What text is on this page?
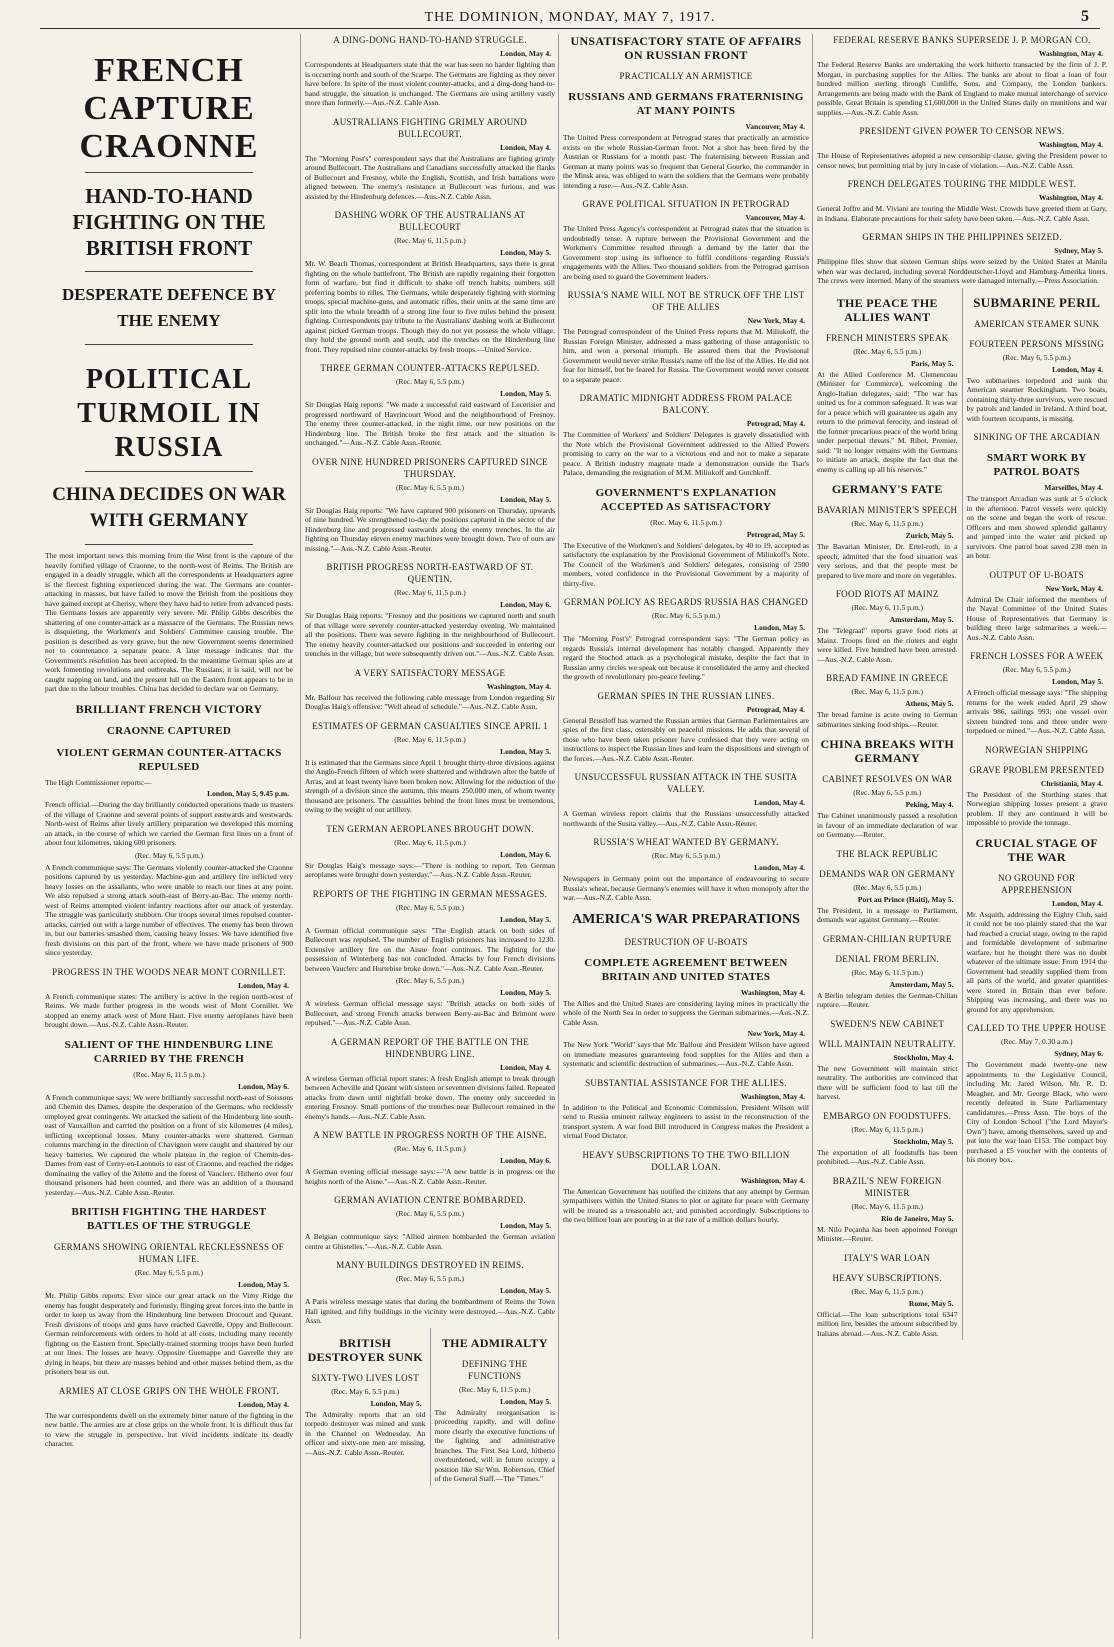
THE DOMINION, MONDAY, MAY 7, 1917.	5
FRENCH CAPTURE CRAONNE
HAND-TO-HAND FIGHTING ON THE BRITISH FRONT
DESPERATE DEFENCE BY THE ENEMY
POLITICAL TURMOIL IN RUSSIA
CHINA DECIDES ON WAR WITH GERMANY
The most important news this morning from the West front is the capture of the heavily fortified village of Craonne, to the north-west of Reims. The British are engaged in a deadly struggle, which all the correspondents at Headquarters agree is the fiercest fighting experienced during the war. The Germans are counter-attacking in masses, but have failed to move the British from the positions they have gained except at Cherisy, where they have had to retire from advanced posts. The Germans losses are apparently very severe. Mr. Philip Gibbs describes the shattering of one counter-attack as a massacre of the Germans. The Russian news is disquieting, the Workmen's and Soldiers' Committee causing trouble. The position is described as very grave, but the new Government seems determined not to countenance a separate peace. A later message indicates that the Government's resolution has been accepted. In the meantime German spies are at work fomenting revolutions and outbreaks. The Russians, it is said, will not be caught napping on land, and the present lull on the Eastern front appears to be in part due to the labour troubles. China has decided to declare war on Germany.
BRILLIANT FRENCH VICTORY
CRAONNE CAPTURED
VIOLENT GERMAN COUNTER-ATTACKS REPULSED
The High Commissioner reports:—
London, May 5, 9.45 p.m.
French official.—During the day brilliantly conducted operations made us masters of the village of Craonne and several points of support eastwards and westwards. North-west of Reims after lively artillery preparation we developed this morning an attack, in the course of which we carried the German first lines on a front of about four kilometres, taking 600 prisoners.
(Rec. May 6, 5.5 p.m.)
A French communique says: The Germans violently counter-attacked the Craonne positions captured by us yesterday. Machine-gun and artillery fire inflicted very heavy losses on the assailants, who were unable to reach our lines at any point. We also repulsed a strong attack south-east of Berry-au-Bac. The enemy north-west of Reims attempted violent infantry reactions after our attack of yesterday. The struggle was particularly stubborn. Our troops several times repulsed counter-attacks, carried out with a large number of effectives. The enemy has been thrown in, but our batteries smashed them, causing heavy losses. We have identified five fresh divisions on this part of the front, where we have made prisoners of 900 since yesterday.
PROGRESS IN THE WOODS NEAR MONT CORNILLET.
London, May 4.
A French communique states: The artillery is active in the region north-west of Reims. We made further progress in the woods west of Mont Cornillet. We stopped an enemy attack west of Mont Haut. Five enemy aeroplanes have been brought down.—Aus.-N.Z. Cable Assn.-Reuter.
SALIENT OF THE HINDENBURG LINE CARRIED BY THE FRENCH
(Rec. May 6, 11.5 p.m.)
London, May 6.
A French communique says: We were brilliantly successful north-east of Soissons and Chemin des Dames, despite the desperation of the Germans, who recklessly employed great contingents. We attacked the salient of the Hindenburg line south-east of Vauxaillon and carried the position on a front of six kilometres (4 miles), inflicting exceptional losses. Many counter-attacks were shattered. German columns marching in the direction of Chavignon were caught and shattered by our heavy batteries. We captured the whole plateau in the region of Chemin-des-Dames from east of Cerny-en-Laonnois to east of Craonne, and reached the ridges dominating the valley of the Ailette and the forest of Vauclerc. Hitherto over four thousand prisoners had been counted, and there was an addition of a thousand yesterday.—Aus.-N.Z. Cable Assn.-Reuter.
BRITISH FIGHTING THE HARDEST BATTLES OF THE STRUGGLE
GERMANS SHOWING ORIENTAL RECKLESSNESS OF HUMAN LIFE.
(Rec. May 6, 5.5 p.m.)
London, May 5.
Mr. Philip Gibbs reports: Ever since our great attack on the Vimy Ridge the enemy has fought desperately and furiously, flinging great forces into the battle in order to keep us away from the Hindenburg line between Drocourt and Queant. Fresh divisions of troops and guns have reached Gavrelle, Oppy and Bullecourt. German reinforcements with orders to hold at all costs, including many recently fighting on the Eastern front. Specially-trained storming troops have been hurled at our lines. The losses are heavy. Opposite Guemappe and Gavrelle they are dying in heaps, but there are masses behind and other masses behind them, as the prisoners bear us out.
ARMIES AT CLOSE GRIPS ON THE WHOLE FRONT.
London, May 4.
The war correspondents dwell on the extremely bitter nature of the fighting in the new battle. The armies are at close grips on the whole front. It is difficult thus far to view the struggle in perspective, but vivid incidents indicate its deadly character.
A DING-DONG HAND-TO-HAND STRUGGLE.
London, May 4.
Correspondents at Headquarters state that the war has seen no harder fighting than is occurring north and south of the Scarpe. The Germans are fighting as they never have before. In spite of the most violent counter-attacks, and a ding-dong hand-to-hand struggle, the situation is unchanged. The Germans are using artillery vastly more than formerly.—Aus.-N.Z. Cable Assn.
AUSTRALIANS FIGHTING GRIMLY AROUND BULLECOURT.
London, May 4.
The "Morning Post's" correspondent says that the Australians are fighting grimly around Bullecourt. The Australians and Canadians successfully attacked the flanks of Bullecourt and Fresnoy, while the English, Scottish, and Irish battalions were aligned between. The enemy's resistance at Bullecourt was furious, and was assisted by the Hindenburg defences.—Aus.-N.Z. Cable Assn.
DASHING WORK OF THE AUSTRALIANS AT BULLECOURT
(Rec. May 6, 11.5 p.m.)
London, May 5.
Mr. W. Beach Thomas, correspondent at British Headquarters, says there is great fighting on the whole battlefront. The British are rapidly regaining their forgotten form of warfare, but find it difficult to shake off trench habits, numbers still preferring bombs to rifles. The Germans, while desperately fighting with storming troops, special machine-guns, and automatic rifles, their units at the same time are split into the whole breadth of a strong line four to five miles behind the present fighting. Correspondents pay tribute to the Australians' dashing work at Bullecourt against picked German troops. Though they do not yet possess the whole village, they hold the ground north and south, and the trenches on the Hindenburg line front. They repulsed nine counter-attacks by fresh troops.—United Service.
THREE GERMAN COUNTER-ATTACKS REPULSED.
(Rec. May 6, 5.5 p.m.)
London, May 5.
Sir Douglas Haig reports: "We made a successful raid eastward of Lecerisier and progressed northward of Havrincourt Wood and the neighbourhood of Fresnoy. The enemy three counter-attacked, in the night time, our new positions on the Hindenburg line. The British broke the first attack and the situation is unchanged."—Aus.-N.Z. Cable Assn.-Reuter.
OVER NINE HUNDRED PRISONERS CAPTURED SINCE THURSDAY.
(Rec. May 6, 5.5 p.m.)
London, May 5.
Sir Douglas Haig reports: "We have captured 900 prisoners on Thursday, upwards of nine hundred. We strengthened to-day the positions captured in the sector of the Hindenburg line and progressed eastwards along the enemy trenches. In the air fighting on Thursday eleven enemy machines were brought down. Two of ours are missing."—Aus.-N.Z. Cable Assn.-Reuter.
BRITISH PROGRESS NORTH-EASTWARD OF ST. QUENTIN.
(Rec. May 6, 11.5 p.m.)
London, May 6.
Sir Douglas Haig reports: "Fresnoy and the positions we captured north and south of that village were severely counter-attacked yesterday evening. We maintained all the positions. There was severe fighting in the neighbourhood of Bullecourt. The enemy heavily counter-attacked our positions and succeeded in entering our trenches in the village, but were subsequently driven out."—Aus.-N.Z. Cable Assn.
A VERY SATISFACTORY MESSAGE
Washington, May 4.
Mr. Balfour has received the following cable message from London regarding Sir Douglas Haig's offensive: "Well ahead of schedule."—Aus.-N.Z. Cable Assn.
ESTIMATES OF GERMAN CASUALTIES SINCE APRIL 1
(Rec. May 6, 11.5 p.m.)
London, May 5.
It is estimated that the Germans since April 1 brought thirty-three divisions against the Anglo-French fifteen of which were shattered and withdrawn after the battle of Arras, and at least twenty have been broken now. Allowing for the reduction of the strength of a division since the autumn, this means 250,000 men, of whom twenty thousand are prisoners. The casualties behind the front lines must be tremendous, owing to the weight of our artillery.
TEN GERMAN AEROPLANES BROUGHT DOWN.
(Rec. May 6, 11.5 p.m.)
London, May 6.
Sir Douglas Haig's message says:—"There is nothing to report. Ten German aeroplanes were brought down yesterday."—Aus.-N.Z. Cable Assn.-Reuter.
REPORTS OF THE FIGHTING IN GERMAN MESSAGES.
(Rec. May 6, 5.5 p.m.)
London, May 5.
A German official communique says: "The English attack on both sides of Bullecourt was repulsed. The number of English prisoners has increased to 1230. Extensive artillery fire on the Aisne front continues. The fighting for the possession of Winterberg has not concluded. Attacks by four French divisions between Vauclerc and Hurtebise broke down."—Aus.-N.Z. Cable Assn.-Reuter.
(Rec. May 6, 5.5 p.m.)
London, May 5.
A wireless German official message says: "British attacks on both sides of Bullecourt, and strong French attacks between Berry-au-Bac and Brimont were repulsed."—Aus.-N.Z. Cable Assn.
A GERMAN REPORT OF THE BATTLE ON THE HINDENBURG LINE.
London, May 4.
A wireless German official report states: A fresh English attempt to break through between Acheville and Queant with sixteen or seventeen divisions failed. Repeated attacks from dawn until nightfall broke down. The enemy only succeeded in entering Fresnoy. Small portions of the trenches near Bullecourt remained in the enemy's hands.—Aus.-N.Z. Cable Assn.
A NEW BATTLE IN PROGRESS NORTH OF THE AISNE.
(Rec. May 6, 11.5 p.m.)
London, May 6.
A German evening official message says:—"A new battle is in progress on the heights north of the Aisne."—Aus.-N.Z. Cable Assn.-Reuter.
GERMAN AVIATION CENTRE BOMBARDED.
(Rec. May 6, 5.5 p.m.)
London, May 5.
A Belgian communique says: "Allied airmen bombarded the German aviation centre at Ghistelles."—Aus.-N.Z. Cable Assn.
MANY BUILDINGS DESTROYED IN REIMS.
(Rec. May 6, 5.5 p.m.)
London, May 5.
A Paris wireless message states that during the bombardment of Reims the Town Hall ignited, and fifty buildings in the vicinity were destroyed.—Aus.-N.Z. Cable Assn.
BRITISH DESTROYER SUNK
SIXTY-TWO LIVES LOST
(Rec. May 6, 5.5 p.m.)
London, May 5.
The Admiralty reports that an old torpedo destroyer was mined and sunk in the Channel on Wednesday. An officer and sixty-one men are missing.—Aus.-N.Z. Cable Assn.-Reuter.
THE ADMIRALTY
DEFINING THE FUNCTIONS
(Rec. May 6, 11.5 p.m.)
London, May 5.
The Admiralty reorganisation is proceeding rapidly, and will define more clearly the executive functions of the fighting and administrative branches. The First Sea Lord, hitherto overburdened, will in future occupy a position like Sir Wm. Robertson, Chief of the General Staff.—The "Times."
UNSATISFACTORY STATE OF AFFAIRS ON RUSSIAN FRONT
PRACTICALLY AN ARMISTICE
RUSSIANS AND GERMANS FRATERNISING AT MANY POINTS
Vancouver, May 4.
The United Press correspondent at Petrograd states that practically an armistice exists on the whole Russian-German front. Not a shot has been fired by the Austrian or Russians for a month past. The fraternising between Russian and German at many points was so frequent that General Gourko, the commander in the Minsk area, was obliged to warn the soldiers that the Germans were probably intending a ruse.—Aus.-N.Z. Cable Assn.
GRAVE POLITICAL SITUATION IN PETROGRAD
Vancouver, May 4.
The United Press Agency's correspondent at Petrograd states that the situation is undoubtedly tense. A rupture between the Provisional Government and the Workmen's Committee resulted through a demand by the latter that the Government stop using its influence to fulfil conditions regarding Russia's engagements with the Allies. Two thousand soldiers from the Petrograd garrison are being used to guard the Government leaders.
RUSSIA'S NAME WILL NOT BE STRUCK OFF THE LIST OF THE ALLIES
New York, May 4.
The Petrograd correspondent of the United Press reports that M. Miliukoff, the Russian Foreign Minister, addressed a mass gathering of those antagonistic to him, and won a personal triumph. He assured them that the Provisional Government would never strike Russia's name off the list of the Allies. He did not fear for himself, but he feared for Russia. The Government would never consent to a separate peace.
DRAMATIC MIDNIGHT ADDRESS FROM PALACE BALCONY.
Petrograd, May 4.
The Committee of Workers' and Soldiers' Delegates is gravely dissatisfied with the Note which the Provisional Government addressed to the Allied Powers promising to carry on the war to a victorious end and not to make a separate peace. A British industry magnate made a demonstration outside the Tsar's Palace, demanding the resignation of M.M. Miliukoff and Gutchkoff.
GOVERNMENT'S EXPLANATION ACCEPTED AS SATISFACTORY
(Rec. May 6, 11.5 p.m.)
Petrograd, May 5.
The Executive of the Workmen's and Soldiers' delegates, by 40 to 19, accepted as satisfactory the explanation by the Provisional Government of Miliukoff's Note. The Council of the Workmen's and Soldiers' delegates, consisting of 2500 members, voted confidence in the Provisional Government by a majority of thirty-five.
GERMAN POLICY AS REGARDS RUSSIA HAS CHANGED
(Rec. May 6, 5.5 p.m.)
London, May 5.
The "Morning Post's" Petrograd correspondent says: "The German policy as regards Russia's internal development has notably changed. Apparently they regard the Stochod attack as a psychological mistake, despite the fact that in Russian army circles we speak out because it consolidated the army and checked the growth of revolutionary pro-peace feeling."
GERMAN SPIES IN THE RUSSIAN LINES.
Petrograd, May 4.
General Brusiloff has warned the Russian armies that German Parlementaires are spies of the first class, ostensibly on peaceful missions. He adds that several of those who have been taken prisoner have confessed that they were acting on instructions to inspect the Russian lines and learn the dispositions and strength of the forces.—Aus.-N.Z. Cable Assn.-Reuter.
UNSUCCESSFUL RUSSIAN ATTACK IN THE SUSITA VALLEY.
London, May 4.
A German wireless report claims that the Russians unsuccessfully attacked northwards of the Susita valley.—Aus.-N.Z. Cable Assn.-Reuter.
RUSSIA'S WHEAT WANTED BY GERMANY.
(Rec. May 6, 5.5 p.m.)
London, May 4.
Newspapers in Germany point out the importance of endeavouring to secure Russia's wheat, because Germany's enemies will have it when monopoly after the war.—Aus.-N.Z. Cable Assn.
AMERICA'S WAR PREPARATIONS
DESTRUCTION OF U-BOATS
COMPLETE AGREEMENT BETWEEN BRITAIN AND UNITED STATES
Washington, May 4.
The Allies and the United States are considering laying mines in practically the whole of the North Sea in order to suppress the German submarines.—Aus.-N.Z. Cable Assn.
New York, May 4.
The New York "World" says that Mr. Balfour and President Wilson have agreed on immediate measures guaranteeing food supplies for the Allies and then a systematic and scientific destruction of submarines.—Aus.-N.Z. Cable Assn.
SUBSTANTIAL ASSISTANCE FOR THE ALLIES.
Washington, May 4.
In addition to the Political and Economic Commission, President Wilson will send to Russia eminent railway engineers to assist in the reconstruction of the transport system. A war food Bill introduced in Congress makes the President a virtual Food Dictator.
HEAVY SUBSCRIPTIONS TO THE TWO BILLION DOLLAR LOAN.
Washington, May 4.
The American Government has notified the citizens that any attempt by German sympathisers within the United States to plot or agitate for peace with Germany will be treated as a treasonable act, and punished accordingly. Subscriptions to the two billion loan are pouring in at the rate of a million dollars hourly.
FEDERAL RESERVE BANKS SUPERSEDE J. P. MORGAN CO.
Washington, May 4.
The Federal Reserve Banks are undertaking the work hitherto transacted by the firm of J. P. Morgan, in purchasing supplies for the Allies. The banks are about to float a loan of four hundred million sterling through Cunliffe, Sons, and Company, the London bankers. Arrangements are being made with the Bank of England to make mutual interchange of service possible. Great Britain is spending £1,600,000 in the United States daily on munitions and war supplies.—Aus.-N.Z. Cable Assn.
PRESIDENT GIVEN POWER TO CENSOR NEWS.
Washington, May 4.
The House of Representatives adopted a new censorship clause, giving the President power to censor news, but permitting trial by jury in case of violation.—Aus.-N.Z. Cable Assn.
FRENCH DELEGATES TOURING THE MIDDLE WEST.
Washington, May 4.
General Joffre and M. Viviani are touring the Middle West. Crowds have greeted them at Gary, in Indiana. Elaborate precautions for their safety have been taken.—Aus.-N.Z. Cable Assn.
GERMAN SHIPS IN THE PHILIPPINES SEIZED.
Sydney, May 5.
Philippine files show that sixteen German ships were seized by the United States at Manila when war was declared, including several Norddeutscher-Lloyd and Hamburg-Amerika liners. The crews were interned. Many of the steamers were damaged internally.—Press Association.
THE PEACE THE ALLIES WANT
FRENCH MINISTERS SPEAK
(Rec. May 6, 5.5 p.m.)
Paris, May 5.
At the Allied Conference M. Clemenceau (Minister for Commerce), welcoming the Anglo-Italian delegates, said: "The war has united us for a common safeguard. It was war for a peace which will guarantee us again any return to the primeval ferocity, and instead of the former precarious peace of the world bring under perpetual threats." M. Ribot, Premier, said: "It no longer remains with the Germans to initiate an attack, despite the fact that the enemy is calling up all his reserves."
GERMANY'S FATE
BAVARIAN MINISTER'S SPEECH
(Rec. May 6, 11.5 p.m.)
Zurich, May 5.
The Bavarian Minister, Dr. Ertel-roth, in a speech, admitted that the food situation was very serious, and that the people must be prepared to live more and more on vegetables.
FOOD RIOTS AT MAINZ
(Rec. May 6, 11.5 p.m.)
Amsterdam, May 5.
The "Telegraaf" reports grave food riots at Mainz. Troops fired on the rioters and eight were killed. Five hundred have been arrested.—Aus.-N.Z. Cable Assn.
BREAD FAMINE IN GREECE
(Rec. May 6, 11.5 p.m.)
Athens, May 5.
The bread famine is acute owing to German submarines sinking food ships.—Reuter.
CHINA BREAKS WITH GERMANY
CABINET RESOLVES ON WAR
(Rec. May 6, 5.5 p.m.)
Peking, May 4.
The Cabinet unanimously passed a resolution in favour of an immediate declaration of war on Germany.—Reuter.
THE BLACK REPUBLIC
DEMANDS WAR ON GERMANY
(Rec. May 6, 5.5 p.m.)
Port au Prince (Haiti), May 5.
The President, in a message to Parliament, demands war against Germany.—Reuter.
GERMAN-CHILIAN RUPTURE
DENIAL FROM BERLIN.
(Rec. May 6, 11.5 p.m.)
Amsterdam, May 5.
A Berlin telegram denies the German-Chilian rupture.—Reuter.
SWEDEN'S NEW CABINET
WILL MAINTAIN NEUTRALITY.
Stockholm, May 4.
The new Government will maintain strict neutrality. The authorities are convinced that there will be sufficient food to last till the harvest.
EMBARGO ON FOODSTUFFS.
(Rec. May 6, 11.5 p.m.)
Stockholm, May 5.
The exportation of all foodstuffs has been prohibited.—Aus.-N.Z. Cable Assn.
BRAZIL'S NEW FOREIGN MINISTER
(Rec. May 6, 11.5 p.m.)
Rio de Janeiro, May 5.
M. Nilo Peçanha has been appointed Foreign Minister.—Reuter.
ITALY'S WAR LOAN
HEAVY SUBSCRIPTIONS.
(Rec. May 6, 11.5 p.m.)
Rome, May 5.
Official.—The loan subscriptions total 6347 million lire, besides the amount subscribed by Italians abroad.—Aus.-N.Z. Cable Assn.
SUBMARINE PERIL
AMERICAN STEAMER SUNK
FOURTEEN PERSONS MISSING
(Rec. May 6, 5.5 p.m.)
London, May 4.
Two submarines torpedoed and sunk the American steamer Rockingham. Two boats, containing thirty-three survivors, were rescued by patrols and landed in Ireland. A third boat, with fourteen occupants, is missing.
SINKING OF THE ARCADIAN
SMART WORK BY PATROL BOATS
Marseilles, May 4.
The transport Arcadian was sunk at 5 o'clock in the afternoon. Patrol vessels were quickly on the scene and began the work of rescue. Officers and men showed splendid gallantry and jumped into the water and picked up survivors. One patrol boat saved 238 men in an hour.
OUTPUT OF U-BOATS
New York, May 4.
Admiral De Chair informed the members of the Naval Committee of the United States House of Representatives that Germany is building three large submarines a week.—Aus.-N.Z. Cable Assn.
FRENCH LOSSES FOR A WEEK
(Rec. May 6, 5.5 p.m.)
London, May 5.
A French official message says: "The shipping returns for the week ended April 29 show arrivals 986, sailings 993; one vessel over sixteen hundred tons and three under were torpedoed or mined."—Aus.-N.Z. Cable Assn.
NORWEGIAN SHIPPING
GRAVE PROBLEM PRESENTED
Christiania, May 4.
The President of the Storthing states that Norwegian shipping losses present a grave problem. If they are continued it will be impossible to provide the tonnage.
CRUCIAL STAGE OF THE WAR
NO GROUND FOR APPREHENSION
London, May 4.
Mr. Asquith, addressing the Eighty Club, said it could not be too plainly stated that the war had reached a crucial stage, owing to the rapid and formidable development of submarine warfare, but he thought there was no doubt whatever of the ultimate issue. From 1914 the Government had steadily supplied them from all parts of the world, and greater quantities were stored in Britain than ever before. Shipping was increasing, and there was no ground for any apprehension.
CALLED TO THE UPPER HOUSE
(Rec. May 7, 0.30 a.m.)
Sydney, May 6.
The Government made twenty-one new appointments to the Legislative Council, including Mr. Jared Wilson, Mr. R. D. Meagher, and Mr. George Black, who were recently defeated in State Parliamentary candidatures.—Press Assn. The boys of the City of London School ("the Lord Mayor's Own") have, among themselves, saved up and put into the war loan £153. The compact boy purchased a £5 voucher with the contents of his money box.
